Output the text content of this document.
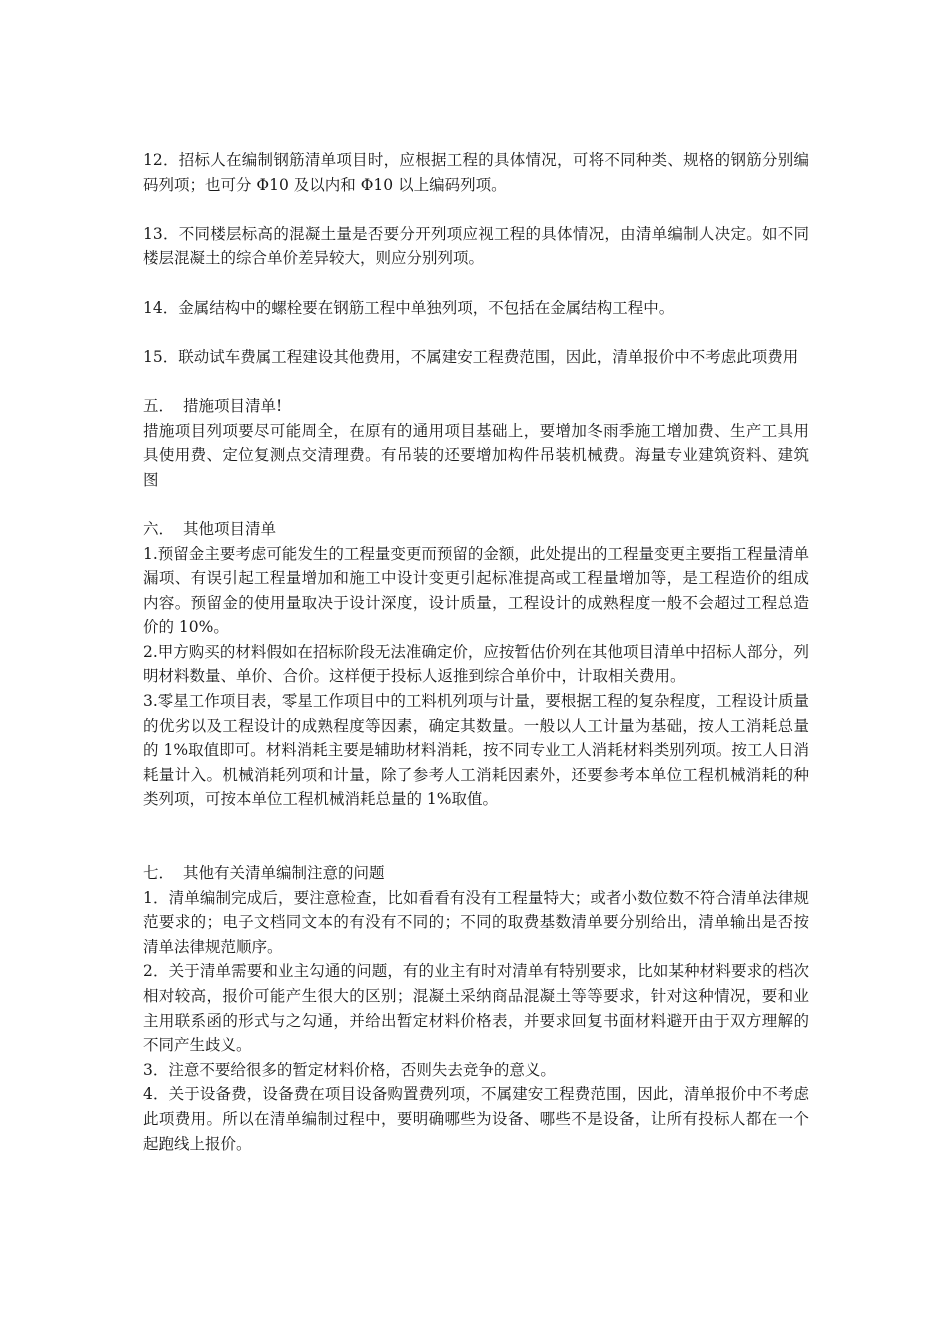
12．招标人在编制钢筋清单项目时，应根据工程的具体情况，可将不同种类、规格的钢筋分别编码列项；也可分 Φ10 及以内和 Φ10 以上编码列项。

13．不同楼层标高的混凝土量是否要分开列项应视工程的具体情况，由清单编制人决定。如不同楼层混凝土的综合单价差异较大，则应分别列项。

14．金属结构中的螺栓要在钢筋工程中单独列项，不包括在金属结构工程中。

15．联动试车费属工程建设其他费用，不属建安工程费范围，因此，清单报价中不考虑此项费用

五． 措施项目清单!

措施项目列项要尽可能周全，在原有的通用项目基础上，要增加冬雨季施工增加费、生产工具用具使用费、定位复测点交清理费。有吊装的还要增加构件吊装机械费。海量专业建筑资料、建筑图

六． 其他项目清单

1.预留金主要考虑可能发生的工程量变更而预留的金额，此处提出的工程量变更主要指工程量清单漏项、有误引起工程量增加和施工中设计变更引起标准提高或工程量增加等，是工程造价的组成内容。预留金的使用量取决于设计深度，设计质量，工程设计的成熟程度一般不会超过工程总造价的 10%。

2.甲方购买的材料假如在招标阶段无法准确定价，应按暂估价列在其他项目清单中招标人部分，列明材料数量、单价、合价。这样便于投标人返推到综合单价中，计取相关费用。

3.零星工作项目表，零星工作项目中的工料机列项与计量，要根据工程的复杂程度，工程设计质量的优劣以及工程设计的成熟程度等因素，确定其数量。一般以人工计量为基础，按人工消耗总量的 1%取值即可。材料消耗主要是辅助材料消耗，按不同专业工人消耗材料类别列项。按工人日消耗量计入。机械消耗列项和计量，除了参考人工消耗因素外，还要参考本单位工程机械消耗的种类列项，可按本单位工程机械消耗总量的 1%取值。

七． 其他有关清单编制注意的问题

1．清单编制完成后，要注意检查，比如看看有没有工程量特大；或者小数位数不符合清单法律规范要求的；电子文档同文本的有没有不同的；不同的取费基数清单要分别给出，清单输出是否按清单法律规范顺序。

2．关于清单需要和业主勾通的问题，有的业主有时对清单有特别要求，比如某种材料要求的档次相对较高，报价可能产生很大的区别；混凝土采纳商品混凝土等等要求，针对这种情况，要和业主用联系函的形式与之勾通，并给出暂定材料价格表，并要求回复书面材料避开由于双方理解的不同产生歧义。

3．注意不要给很多的暂定材料价格，否则失去竞争的意义。

4．关于设备费，设备费在项目设备购置费列项，不属建安工程费范围，因此，清单报价中不考虑此项费用。所以在清单编制过程中，要明确哪些为设备、哪些不是设备，让所有投标人都在一个起跑线上报价。
